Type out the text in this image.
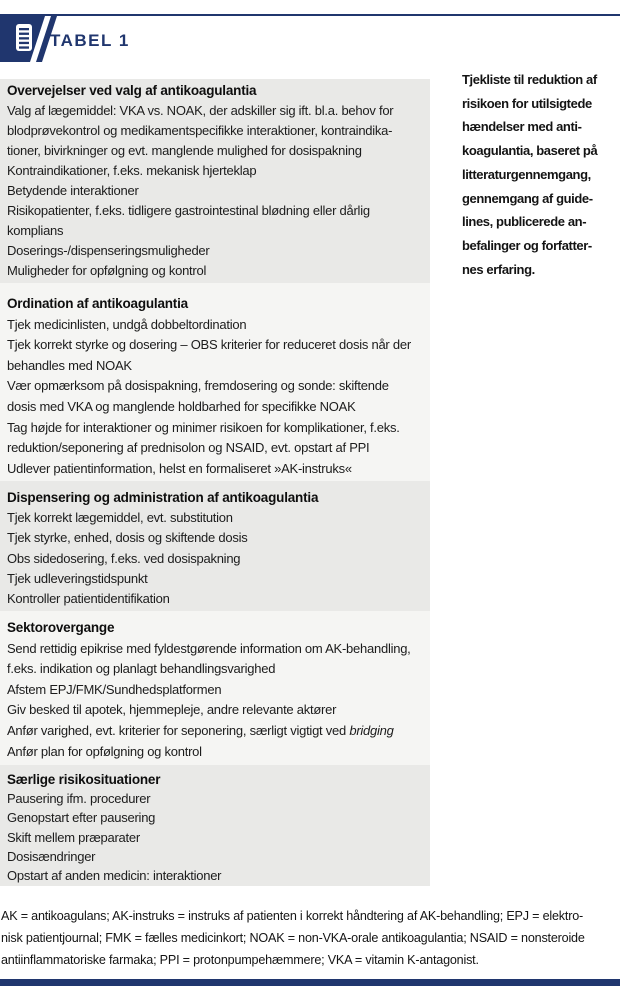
TABEL 1
Overvejelser ved valg af antikoagulantia
Valg af lægemiddel: VKA vs. NOAK, der adskiller sig ift. bl.a. behov for
blodprøvekontrol og medikamentspecifikke interaktioner, kontraindika-
tioner, bivirkninger og evt. manglende mulighed for dosispakning
Kontraindikationer, f.eks. mekanisk hjerteklap
Betydende interaktioner
Risikopatienter, f.eks. tidligere gastrointestinal blødning eller dårlig
komplians
Doserings-/dispenseringsmuligheder
Muligheder for opfølgning og kontrol
Ordination af antikoagulantia
Tjek medicinlisten, undgå dobbeltordination
Tjek korrekt styrke og dosering – OBS kriterier for reduceret dosis når der
behandles med NOAK
Vær opmærksom på dosispakning, fremdosering og sonde: skiftende
dosis med VKA og manglende holdbarhed for specifikke NOAK
Tag højde for interaktioner og minimer risikoen for komplikationer, f.eks.
reduktion/seponering af prednisolon og NSAID, evt. opstart af PPI
Udlever patientinformation, helst en formaliseret »AK-instruks«
Dispensering og administration af antikoagulantia
Tjek korrekt lægemiddel, evt. substitution
Tjek styrke, enhed, dosis og skiftende dosis
Obs sidedosering, f.eks. ved dosispakning
Tjek udleveringstidspunkt
Kontroller patientidentifikation
Sektorovergange
Send rettidig epikrise med fyldestgørende information om AK-behandling,
f.eks. indikation og planlagt behandlingsvarighed
Afstem EPJ/FMK/Sundhedsplatformen
Giv besked til apotek, hjemmepleje, andre relevante aktører
Anfør varighed, evt. kriterier for seponering, særligt vigtigt ved bridging
Anfør plan for opfølgning og kontrol
Særlige risikosituationer
Pausering ifm. procedurer
Genopstart efter pausering
Skift mellem præparater
Dosisændringer
Opstart af anden medicin: interaktioner
Tjekliste til reduktion af
risikoen for utilsigtede
hændelser med anti-
koagulantia, baseret på
litteraturgennemgang,
gennemgang af guide-
lines, publicerede an-
befalinger og forfatter-
nes erfaring.
AK = antikoagulans; AK-instruks = instruks af patienten i korrekt håndtering af AK-behandling; EPJ = elektro-
nisk patientjournal; FMK = fælles medicinkort; NOAK = non-VKA-orale antikoagulantia; NSAID = nonsteroide
antiinflammatoriske farmaka; PPI = protonpumpehæmmere; VKA = vitamin K-antagonist.
